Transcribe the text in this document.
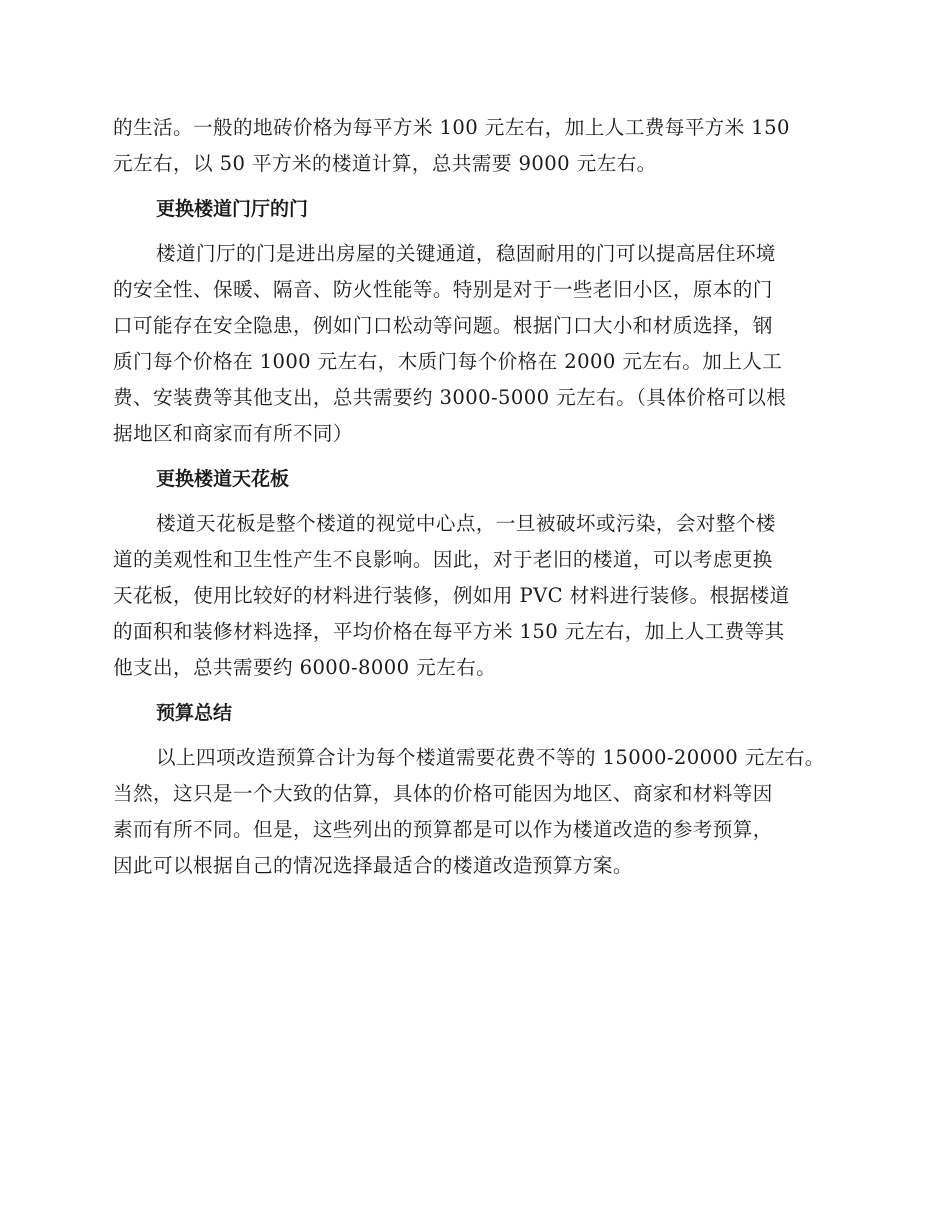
的生活。一般的地砖价格为每平方米 100 元左右，加上人工费每平方米 150
元左右，以 50 平方米的楼道计算，总共需要 9000 元左右。
更换楼道门厅的门
楼道门厅的门是进出房屋的关键通道，稳固耐用的门可以提高居住环境
的安全性、保暖、隔音、防火性能等。特别是对于一些老旧小区，原本的门
口可能存在安全隐患，例如门口松动等问题。根据门口大小和材质选择，钢
质门每个价格在 1000 元左右，木质门每个价格在 2000 元左右。加上人工
费、安装费等其他支出，总共需要约 3000-5000 元左右。（具体价格可以根
据地区和商家而有所不同）
更换楼道天花板
楼道天花板是整个楼道的视觉中心点，一旦被破坏或污染，会对整个楼
道的美观性和卫生性产生不良影响。因此，对于老旧的楼道，可以考虑更换
天花板，使用比较好的材料进行装修，例如用 PVC 材料进行装修。根据楼道
的面积和装修材料选择，平均价格在每平方米 150 元左右，加上人工费等其
他支出，总共需要约 6000-8000 元左右。
预算总结
以上四项改造预算合计为每个楼道需要花费不等的 15000-20000 元左右。
当然，这只是一个大致的估算，具体的价格可能因为地区、商家和材料等因
素而有所不同。但是，这些列出的预算都是可以作为楼道改造的参考预算，
因此可以根据自己的情况选择最适合的楼道改造预算方案。
